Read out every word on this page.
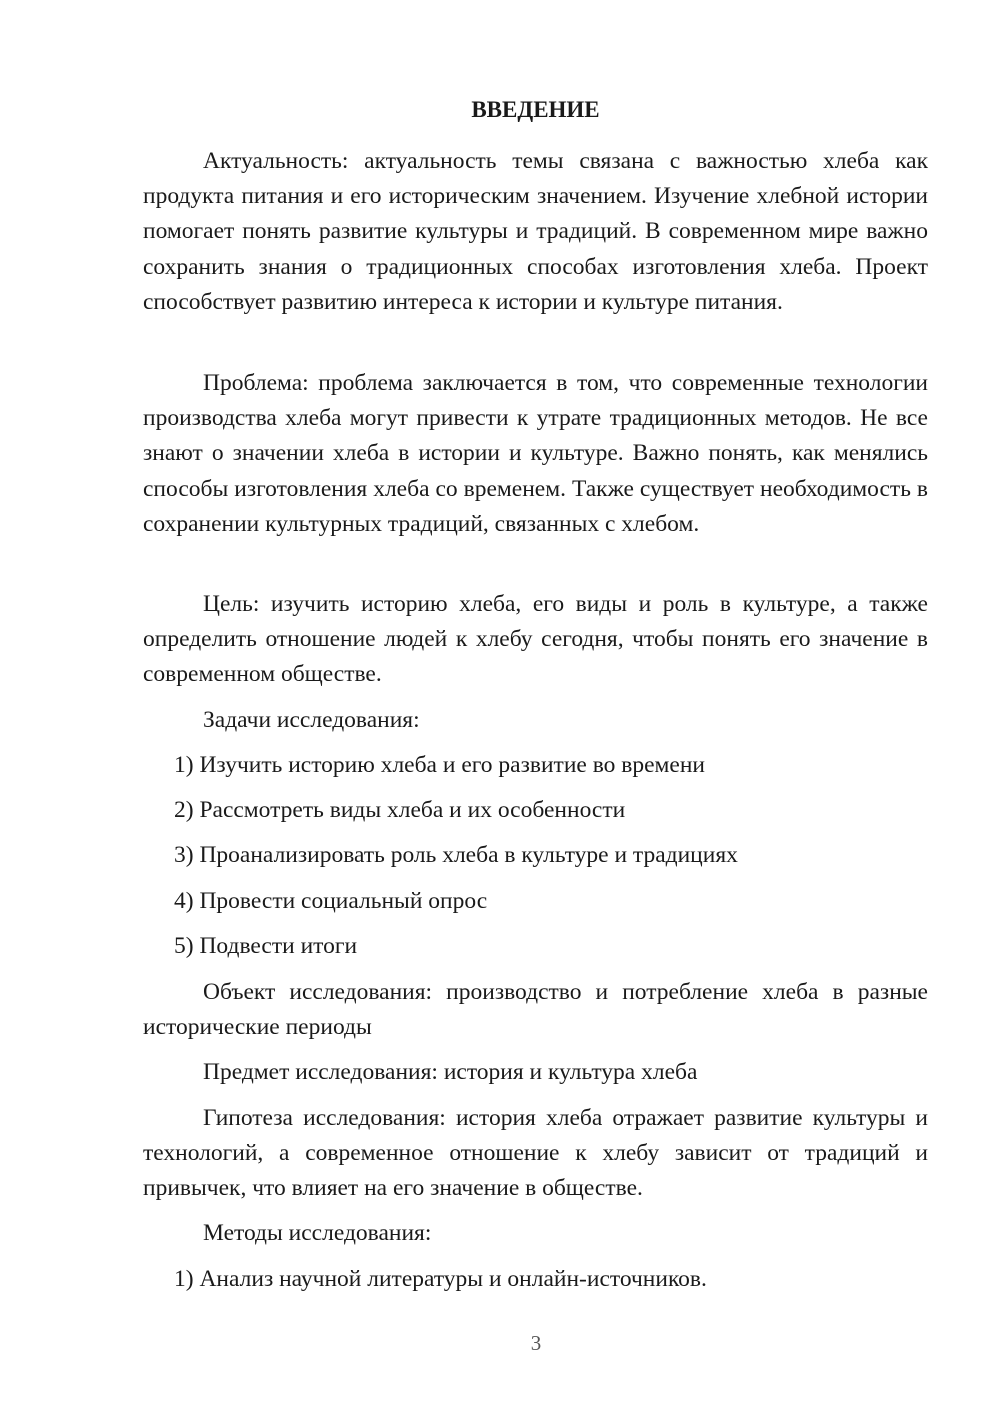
ВВЕДЕНИЕ

Актуальность: актуальность темы связана с важностью хлеба как продукта питания и его историческим значением. Изучение хлебной истории помогает понять развитие культуры и традиций. В современном мире важно сохранить знания о традиционных способах изготовления хлеба. Проект способствует развитию интереса к истории и культуре питания.

Проблема: проблема заключается в том, что современные технологии производства хлеба могут привести к утрате традиционных методов. Не все знают о значении хлеба в истории и культуре. Важно понять, как менялись способы изготовления хлеба со временем. Также существует необходимость в сохранении культурных традиций, связанных с хлебом.

Цель: изучить историю хлеба, его виды и роль в культуре, а также определить отношение людей к хлебу сегодня, чтобы понять его значение в современном обществе.

Задачи исследования:

1) Изучить историю хлеба и его развитие во времени

2) Рассмотреть виды хлеба и их особенности

3) Проанализировать роль хлеба в культуре и традициях

4) Провести социальный опрос

5) Подвести итоги

Объект исследования: производство и потребление хлеба в разные исторические периоды

Предмет исследования: история и культура хлеба

Гипотеза исследования: история хлеба отражает развитие культуры и технологий, а современное отношение к хлебу зависит от традиций и привычек, что влияет на его значение в обществе.

Методы исследования:

1) Анализ научной литературы и онлайн-источников.

3
